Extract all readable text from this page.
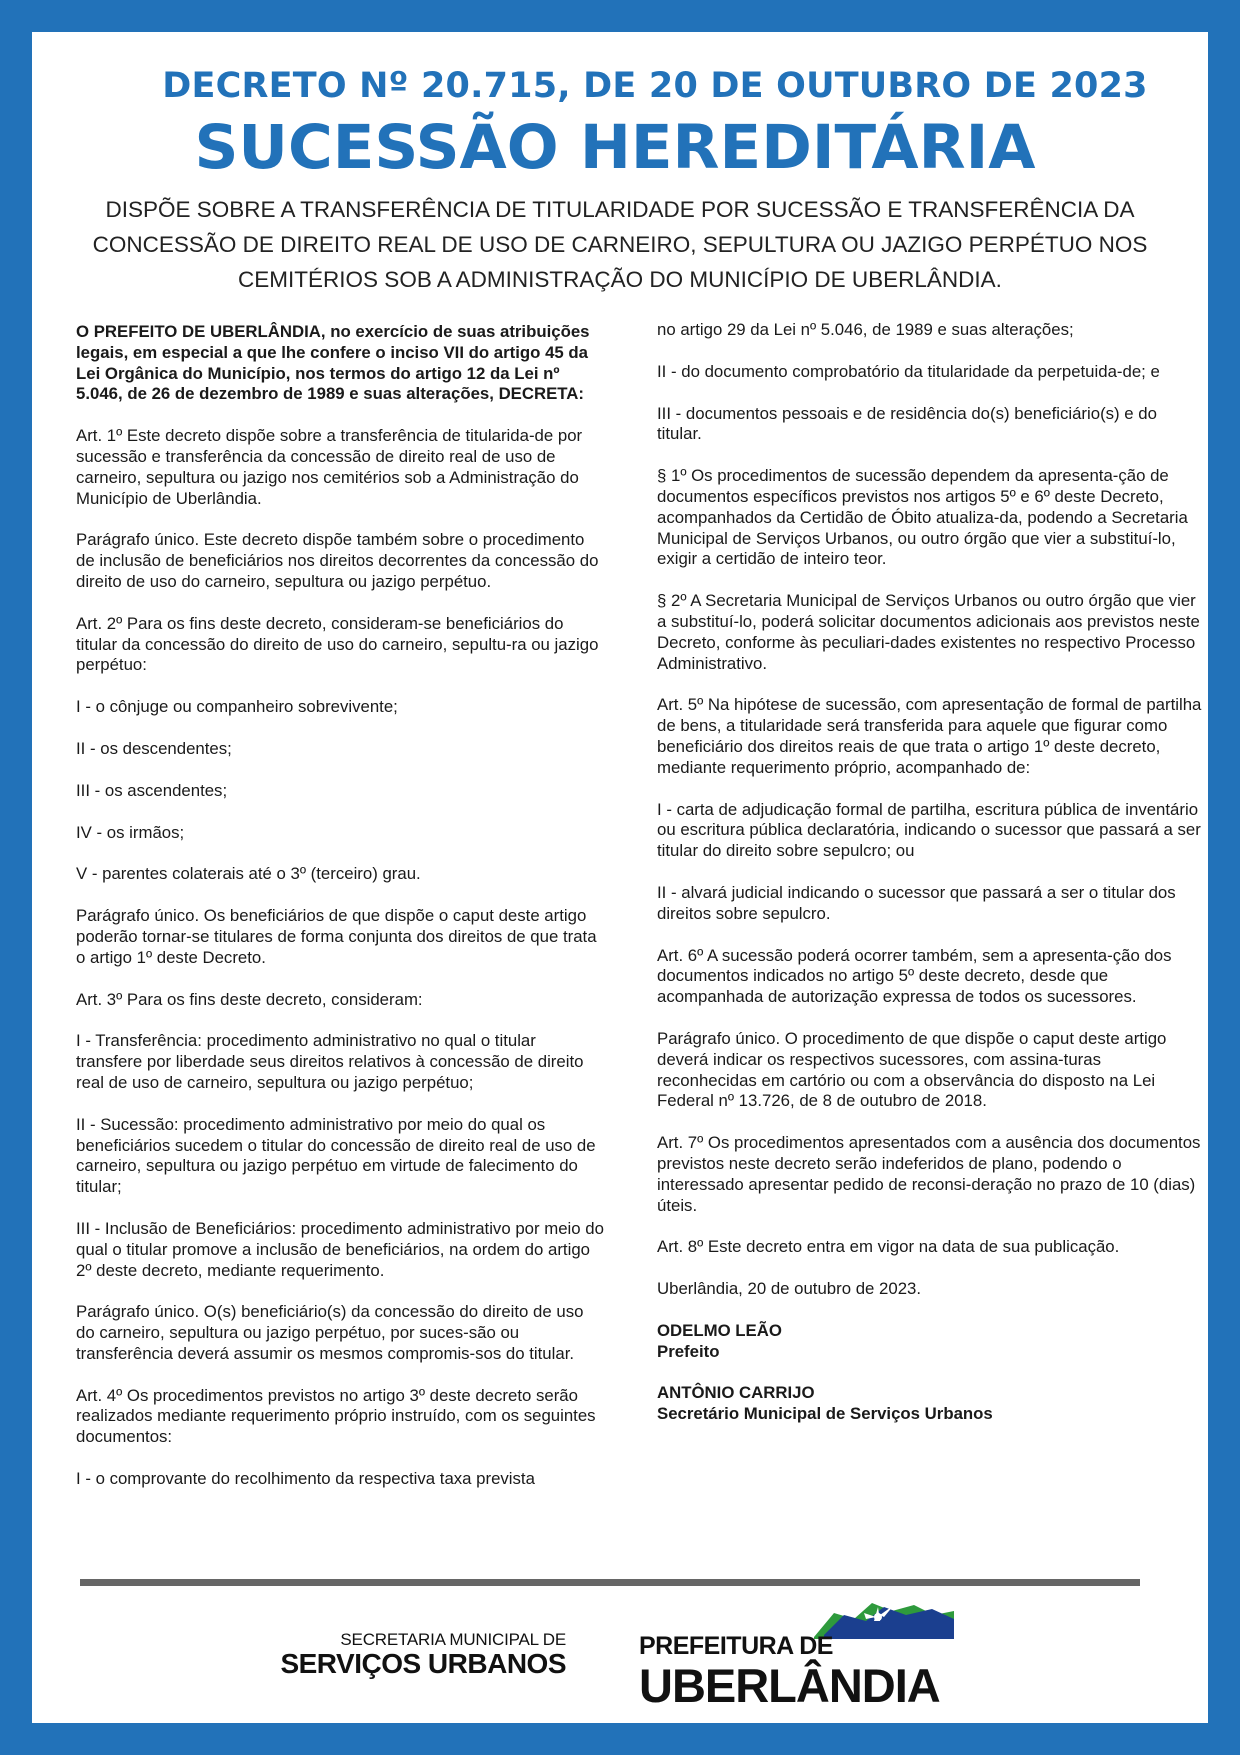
DECRETO Nº 20.715, DE 20 DE OUTUBRO DE 2023
SUCESSÃO HEREDITÁRIA
DISPÕE SOBRE A TRANSFERÊNCIA DE TITULARIDADE POR SUCESSÃO E TRANSFERÊNCIA DA CONCESSÃO DE DIREITO REAL DE USO DE CARNEIRO, SEPULTURA OU JAZIGO PERPÉTUO NOS CEMITÉRIOS SOB A ADMINISTRAÇÃO DO MUNICÍPIO DE UBERLÂNDIA.

O PREFEITO DE UBERLÂNDIA, no exercício de suas atribuições legais, em especial a que lhe confere o inciso VII do artigo 45 da Lei Orgânica do Município, nos termos do artigo 12 da Lei nº 5.046, de 26 de dezembro de 1989 e suas alterações, DECRETA:

Art. 1º Este decreto dispõe sobre a transferência de titularida-de por sucessão e transferência da concessão de direito real de uso de carneiro, sepultura ou jazigo nos cemitérios sob a Administração do Município de Uberlândia.

Parágrafo único. Este decreto dispõe também sobre o procedimento de inclusão de beneficiários nos direitos decorrentes da concessão do direito de uso do carneiro, sepultura ou jazigo perpétuo.

Art. 2º Para os fins deste decreto, consideram-se beneficiários do titular da concessão do direito de uso do carneiro, sepultu-ra ou jazigo perpétuo:

I - o cônjuge ou companheiro sobrevivente;

II - os descendentes;

III - os ascendentes;

IV - os irmãos;

V - parentes colaterais até o 3º (terceiro) grau.

Parágrafo único. Os beneficiários de que dispõe o caput deste artigo poderão tornar-se titulares de forma conjunta dos direitos de que trata o artigo 1º deste Decreto.

Art. 3º Para os fins deste decreto, consideram:

I - Transferência: procedimento administrativo no qual o titular transfere por liberdade seus direitos relativos à concessão de direito real de uso de carneiro, sepultura ou jazigo perpétuo;

II - Sucessão: procedimento administrativo por meio do qual os beneficiários sucedem o titular do concessão de direito real de uso de carneiro, sepultura ou jazigo perpétuo em virtude de falecimento do titular;

III - Inclusão de Beneficiários: procedimento administrativo por meio do qual o titular promove a inclusão de beneficiários, na ordem do artigo 2º deste decreto, mediante requerimento.

Parágrafo único. O(s) beneficiário(s) da concessão do direito de uso do carneiro, sepultura ou jazigo perpétuo, por suces-são ou transferência deverá assumir os mesmos compromis-sos do titular.

Art. 4º Os procedimentos previstos no artigo 3º deste decreto serão realizados mediante requerimento próprio instruído, com os seguintes documentos:

I - o comprovante do recolhimento da respectiva taxa prevista

no artigo 29 da Lei nº 5.046, de 1989 e suas alterações;

II - do documento comprobatório da titularidade da perpetuida-de; e

III - documentos pessoais e de residência do(s) beneficiário(s) e do titular.

§ 1º Os procedimentos de sucessão dependem da apresenta-ção de documentos específicos previstos nos artigos 5º e 6º deste Decreto, acompanhados da Certidão de Óbito atualiza-da, podendo a Secretaria Municipal de Serviços Urbanos, ou outro órgão que vier a substituí-lo, exigir a certidão de inteiro teor.

§ 2º A Secretaria Municipal de Serviços Urbanos ou outro órgão que vier a substituí-lo, poderá solicitar documentos adicionais aos previstos neste Decreto, conforme às peculiari-dades existentes no respectivo Processo Administrativo.

Art. 5º Na hipótese de sucessão, com apresentação de formal de partilha de bens, a titularidade será transferida para aquele que figurar como beneficiário dos direitos reais de que trata o artigo 1º deste decreto, mediante requerimento próprio, acompanhado de:

I - carta de adjudicação formal de partilha, escritura pública de inventário ou escritura pública declaratória, indicando o sucessor que passará a ser titular do direito sobre sepulcro; ou

II - alvará judicial indicando o sucessor que passará a ser o titular dos direitos sobre sepulcro.

Art. 6º A sucessão poderá ocorrer também, sem a apresenta-ção dos documentos indicados no artigo 5º deste decreto, desde que acompanhada de autorização expressa de todos os sucessores.

Parágrafo único. O procedimento de que dispõe o caput deste artigo deverá indicar os respectivos sucessores, com assina-turas reconhecidas em cartório ou com a observância do disposto na Lei Federal nº 13.726, de 8 de outubro de 2018.

Art. 7º Os procedimentos apresentados com a ausência dos documentos previstos neste decreto serão indeferidos de plano, podendo o interessado apresentar pedido de reconsi-deração no prazo de 10 (dias) úteis.

Art. 8º Este decreto entra em vigor na data de sua publicação.

Uberlândia, 20 de outubro de 2023.

ODELMO LEÃO

Prefeito

ANTÔNIO CARRIJO

Secretário Municipal de Serviços Urbanos

SECRETARIA MUNICIPAL DE
SERVIÇOS URBANOS
PREFEITURA DE
UBERLÂNDIA
